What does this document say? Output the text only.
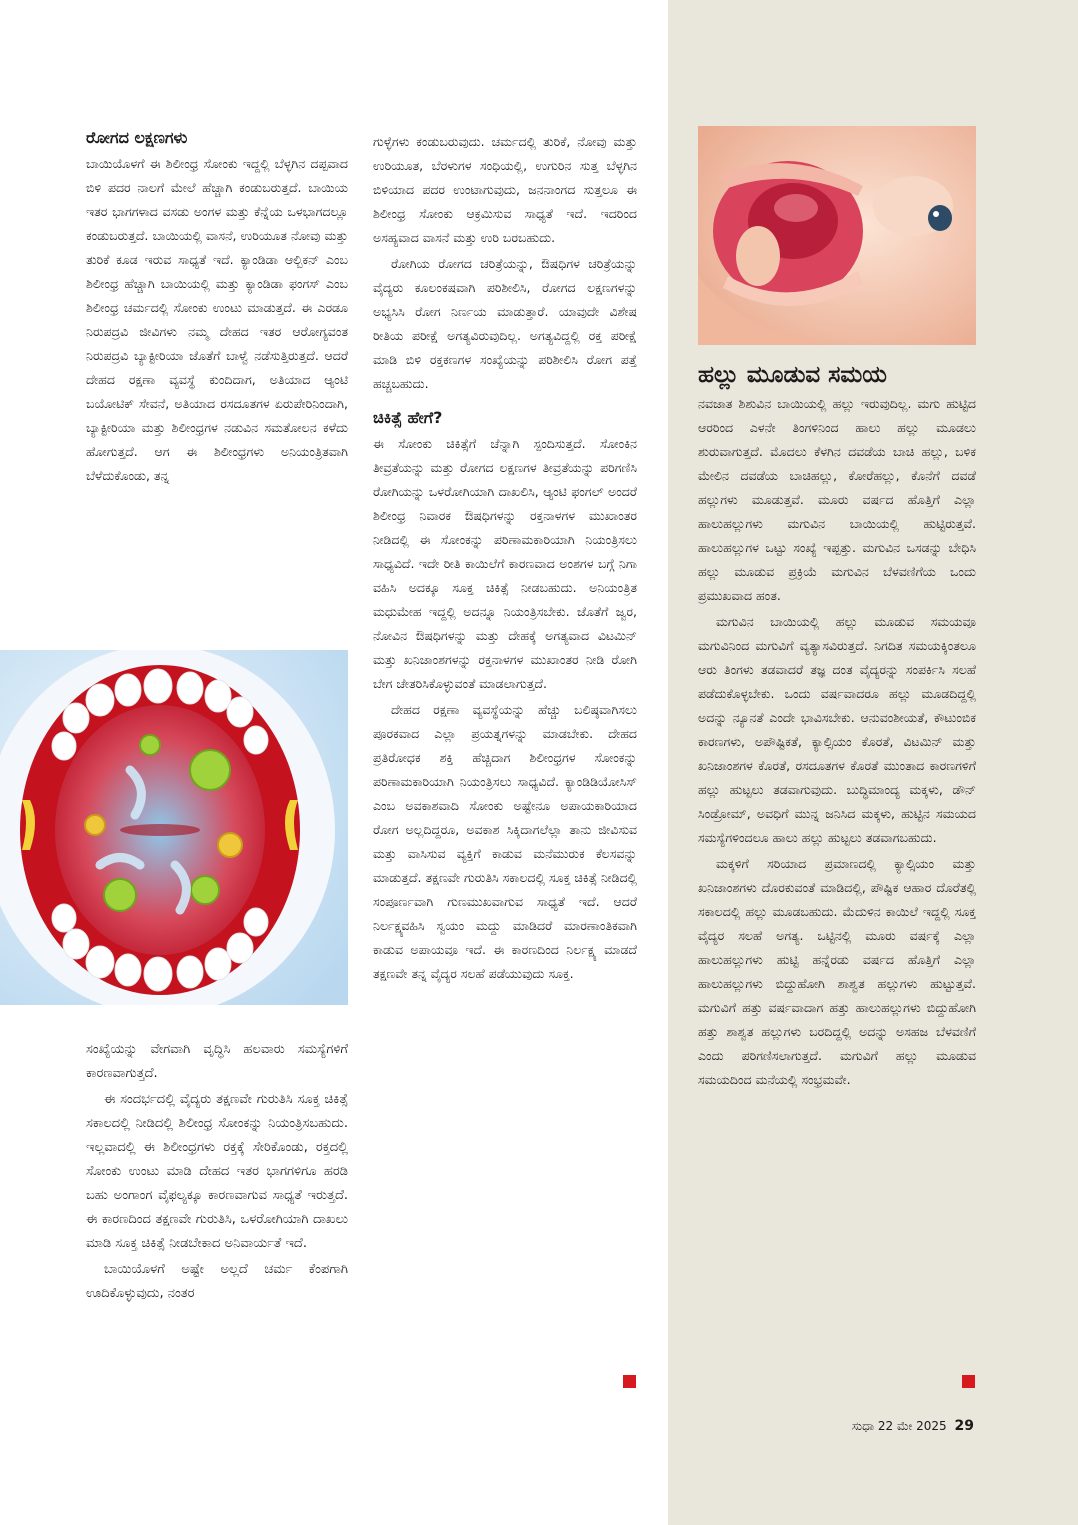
ರೋಗದ ಲಕ್ಷಣಗಳು

ಬಾಯಿಯೊಳಗೆ ಈ ಶಿಲೀಂಧ್ರ ಸೋಂಕು ಇದ್ದಲ್ಲಿ ಬೆಳ್ಳಗಿನ ದಪ್ಪವಾದ ಬಿಳಿ ಪದರ ನಾಲಗೆ ಮೇಲೆ ಹೆಚ್ಚಾಗಿ ಕಂಡುಬರುತ್ತದೆ. ಬಾಯಿಯ ಇತರ ಭಾಗಗಳಾದ ವಸಡು ಅಂಗಳ ಮತ್ತು ಕೆನ್ನೆಯ ಒಳಭಾಗದಲ್ಲೂ ಕಂಡುಬರುತ್ತದೆ. ಬಾಯಿಯಲ್ಲಿ ವಾಸನೆ, ಉರಿಯೂತ ನೋವು ಮತ್ತು ತುರಿಕೆ ಕೂಡ ಇರುವ ಸಾಧ್ಯತೆ ಇದೆ. ಕ್ಯಾಂಡಿಡಾ ಆಲ್ಬಿಕನ್ ಎಂಬ ಶಿಲೀಂಧ್ರ ಹೆಚ್ಚಾಗಿ ಬಾಯಿಯಲ್ಲಿ ಮತ್ತು ಕ್ಯಾಂಡಿಡಾ ಫಂಗಸ್ ಎಂಬ ಶಿಲೀಂಧ್ರ ಚರ್ಮದಲ್ಲಿ ಸೋಂಕು ಉಂಟು ಮಾಡುತ್ತದೆ. ಈ ಎರಡೂ ನಿರುಪದ್ರವಿ ಜೀವಿಗಳು ನಮ್ಮ ದೇಹದ ಇತರ ಆರೋಗ್ಯವಂತ ನಿರುಪದ್ರವಿ ಬ್ಯಾಕ್ಟೀರಿಯಾ ಜೊತೆಗೆ ಬಾಳ್ವೆ ನಡೆಸುತ್ತಿರುತ್ತದೆ. ಆದರೆ ದೇಹದ ರಕ್ಷಣಾ ವ್ಯವಸ್ಥೆ ಕುಂದಿದಾಗ, ಅತಿಯಾದ ಆ್ಯಂಟಿ ಬಯೋಟಿಕ್ ಸೇವನೆ, ಅತಿಯಾದ ರಸದೂತಗಳ ಏರುಪೇರಿನಿಂದಾಗಿ, ಬ್ಯಾಕ್ಟೀರಿಯಾ ಮತ್ತು ಶಿಲೀಂಧ್ರಗಳ ನಡುವಿನ ಸಮತೋಲನ ಕಳೆದು ಹೋಗುತ್ತದೆ. ಆಗ ಈ ಶಿಲೀಂಧ್ರಗಳು ಅನಿಯಂತ್ರಿತವಾಗಿ ಬೆಳೆದುಕೊಂಡು, ತನ್ನ

ಸಂಖ್ಯೆಯನ್ನು ವೇಗವಾಗಿ ವೃದ್ಧಿಸಿ ಹಲವಾರು ಸಮಸ್ಯೆಗಳಿಗೆ ಕಾರಣವಾಗುತ್ತದೆ.

ಈ ಸಂದರ್ಭದಲ್ಲಿ ವೈದ್ಯರು ತಕ್ಷಣವೇ ಗುರುತಿಸಿ ಸೂಕ್ತ ಚಿಕಿತ್ಸೆ ಸಕಾಲದಲ್ಲಿ ನೀಡಿದಲ್ಲಿ ಶಿಲೀಂಧ್ರ ಸೋಂಕನ್ನು ನಿಯಂತ್ರಿಸಬಹುದು. ಇಲ್ಲವಾದಲ್ಲಿ ಈ ಶಿಲೀಂಧ್ರಗಳು ರಕ್ತಕ್ಕೆ ಸೇರಿಕೊಂಡು, ರಕ್ತದಲ್ಲಿ ಸೋಂಕು ಉಂಟು ಮಾಡಿ ದೇಹದ ಇತರ ಭಾಗಗಳಿಗೂ ಹರಡಿ ಬಹು ಅಂಗಾಂಗ ವೈಫಲ್ಯಕ್ಕೂ ಕಾರಣವಾಗುವ ಸಾಧ್ಯತೆ ಇರುತ್ತದೆ. ಈ ಕಾರಣದಿಂದ ತಕ್ಷಣವೇ ಗುರುತಿಸಿ, ಒಳರೋಗಿಯಾಗಿ ದಾಖಲು ಮಾಡಿ ಸೂಕ್ತ ಚಿಕಿತ್ಸೆ ನೀಡಬೇಕಾದ ಅನಿವಾರ್ಯತೆ ಇದೆ.

ಬಾಯಿಯೊಳಗೆ ಅಷ್ಟೇ ಅಲ್ಲದೆ ಚರ್ಮ ಕೆಂಪಗಾಗಿ ಊದಿಕೊಳ್ಳುವುದು, ನಂತರ

ಗುಳ್ಳೆಗಳು ಕಂಡುಬರುವುದು. ಚರ್ಮದಲ್ಲಿ ತುರಿಕೆ, ನೋವು ಮತ್ತು ಉರಿಯೂತ, ಬೆರಳುಗಳ ಸಂಧಿಯಲ್ಲಿ, ಉಗುರಿನ ಸುತ್ತ ಬೆಳ್ಳಗಿನ ಬಿಳಿಯಾದ ಪದರ ಉಂಟಾಗುವುದು, ಜನನಾಂಗದ ಸುತ್ತಲೂ ಈ ಶಿಲೀಂಧ್ರ ಸೋಂಕು ಆಕ್ರಮಿಸುವ ಸಾಧ್ಯತೆ ಇದೆ. ಇದರಿಂದ ಅಸಹ್ಯವಾದ ವಾಸನೆ ಮತ್ತು ಉರಿ ಬರಬಹುದು.

ರೋಗಿಯ ರೋಗದ ಚರಿತ್ರೆಯನ್ನು, ಔಷಧಿಗಳ ಚರಿತ್ರೆಯನ್ನು ವೈದ್ಯರು ಕೂಲಂಕಷವಾಗಿ ಪರಿಶೀಲಿಸಿ, ರೋಗದ ಲಕ್ಷಣಗಳನ್ನು ಅಭ್ಯಸಿಸಿ ರೋಗ ನಿರ್ಣಯ ಮಾಡುತ್ತಾರೆ. ಯಾವುದೇ ವಿಶೇಷ ರೀತಿಯ ಪರೀಕ್ಷೆ ಅಗತ್ಯವಿರುವುದಿಲ್ಲ. ಅಗತ್ಯವಿದ್ದಲ್ಲಿ ರಕ್ತ ಪರೀಕ್ಷೆ ಮಾಡಿ ಬಿಳಿ ರಕ್ತಕಣಗಳ ಸಂಖ್ಯೆಯನ್ನು ಪರಿಶೀಲಿಸಿ ರೋಗ ಪತ್ತೆ ಹಚ್ಚಬಹುದು.

ಚಿಕಿತ್ಸೆ ಹೇಗೆ?

ಈ ಸೋಂಕು ಚಿಕಿತ್ಸೆಗೆ ಚೆನ್ನಾಗಿ ಸ್ಪಂದಿಸುತ್ತದೆ. ಸೋಂಕಿನ ತೀವ್ರತೆಯನ್ನು ಮತ್ತು ರೋಗದ ಲಕ್ಷಣಗಳ ತೀವ್ರತೆಯನ್ನು ಪರಿಗಣಿಸಿ ರೋಗಿಯನ್ನು ಒಳರೋಗಿಯಾಗಿ ದಾಖಲಿಸಿ, ಆ್ಯಂಟಿ ಫಂಗಲ್ ಅಂದರೆ ಶಿಲೀಂಧ್ರ ನಿವಾರಕ ಔಷಧಿಗಳನ್ನು ರಕ್ತನಾಳಗಳ ಮುಖಾಂತರ ನೀಡಿದಲ್ಲಿ ಈ ಸೋಂಕನ್ನು ಪರಿಣಾಮಕಾರಿಯಾಗಿ ನಿಯಂತ್ರಿಸಲು ಸಾಧ್ಯವಿದೆ. ಇದೇ ರೀತಿ ಕಾಯಿಲೆಗೆ ಕಾರಣವಾದ ಅಂಶಗಳ ಬಗ್ಗೆ ನಿಗಾ ವಹಿಸಿ ಅದಕ್ಕೂ ಸೂಕ್ತ ಚಿಕಿತ್ಸೆ ನೀಡಬಹುದು. ಅನಿಯಂತ್ರಿತ ಮಧುಮೇಹ ಇದ್ದಲ್ಲಿ ಅದನ್ನೂ ನಿಯಂತ್ರಿಸಬೇಕು. ಜೊತೆಗೆ ಜ್ವರ, ನೋವಿನ ಔಷಧಿಗಳನ್ನು ಮತ್ತು ದೇಹಕ್ಕೆ ಅಗತ್ಯವಾದ ವಿಟಮಿನ್ ಮತ್ತು ಖನಿಜಾಂಶಗಳನ್ನು ರಕ್ತನಾಳಗಳ ಮುಖಾಂತರ ನೀಡಿ ರೋಗಿ ಬೇಗ ಚೇತರಿಸಿಕೊಳ್ಳುವಂತೆ ಮಾಡಲಾಗುತ್ತದೆ.

ದೇಹದ ರಕ್ಷಣಾ ವ್ಯವಸ್ಥೆಯನ್ನು ಹೆಚ್ಚು ಬಲಿಷ್ಠವಾಗಿಸಲು ಪೂರಕವಾದ ಎಲ್ಲಾ ಪ್ರಯತ್ನಗಳನ್ನು ಮಾಡಬೇಕು. ದೇಹದ ಪ್ರತಿರೋಧಕ ಶಕ್ತಿ ಹೆಚ್ಚಿದಾಗ ಶಿಲೀಂಧ್ರಗಳ ಸೋಂಕನ್ನು ಪರಿಣಾಮಕಾರಿಯಾಗಿ ನಿಯಂತ್ರಿಸಲು ಸಾಧ್ಯವಿದೆ. ಕ್ಯಾಂಡಿಡಿಯೋಸಿಸ್ ಎಂಬ ಅವಕಾಶವಾದಿ ಸೋಂಕು ಅಷ್ಟೇನೂ ಅಪಾಯಕಾರಿಯಾದ ರೋಗ ಅಲ್ಲದಿದ್ದರೂ, ಅವಕಾಶ ಸಿಕ್ಕಿದಾಗಲೆಲ್ಲಾ ತಾನು ಜೀವಿಸುವ ಮತ್ತು ವಾಸಿಸುವ ವ್ಯಕ್ತಿಗೆ ಕಾಡುವ ಮನೆಮುರುಕ ಕೆಲಸವನ್ನು ಮಾಡುತ್ತದೆ. ತಕ್ಷಣವೇ ಗುರುತಿಸಿ ಸಕಾಲದಲ್ಲಿ ಸೂಕ್ತ ಚಿಕಿತ್ಸೆ ನೀಡಿದಲ್ಲಿ ಸಂಪೂರ್ಣವಾಗಿ ಗುಣಮುಖವಾಗುವ ಸಾಧ್ಯತೆ ಇದೆ. ಆದರೆ ನಿರ್ಲಕ್ಷ್ಯವಹಿಸಿ ಸ್ವಯಂ ಮದ್ದು ಮಾಡಿದರೆ ಮಾರಣಾಂತಿಕವಾಗಿ ಕಾಡುವ ಅಪಾಯವೂ ಇದೆ. ಈ ಕಾರಣದಿಂದ ನಿರ್ಲಕ್ಷ್ಯ ಮಾಡದೆ ತಕ್ಷಣವೇ ತನ್ನ ವೈದ್ಯರ ಸಲಹೆ ಪಡೆಯುವುದು ಸೂಕ್ತ.

ಹಲ್ಲು ಮೂಡುವ ಸಮಯ

ನವಜಾತ ಶಿಶುವಿನ ಬಾಯಿಯಲ್ಲಿ ಹಲ್ಲು ಇರುವುದಿಲ್ಲ. ಮಗು ಹುಟ್ಟಿದ ಆರರಿಂದ ಎಳನೇ ತಿಂಗಳಿನಿಂದ ಹಾಲು ಹಲ್ಲು ಮೂಡಲು ಶುರುವಾಗುತ್ತದೆ. ಮೊದಲು ಕೆಳಗಿನ ದವಡೆಯ ಬಾಚಿ ಹಲ್ಲು, ಬಳಿಕ ಮೇಲಿನ ದವಡೆಯ ಬಾಚಿಹಲ್ಲು, ಕೋರೆಹಲ್ಲು, ಕೊನೆಗೆ ದವಡೆ ಹಲ್ಲುಗಳು ಮೂಡುತ್ತವೆ. ಮೂರು ವರ್ಷದ ಹೊತ್ತಿಗೆ ಎಲ್ಲಾ ಹಾಲುಹಲ್ಲುಗಳು ಮಗುವಿನ ಬಾಯಿಯಲ್ಲಿ ಹುಟ್ಟಿರುತ್ತವೆ. ಹಾಲುಹಲ್ಲುಗಳ ಒಟ್ಟು ಸಂಖ್ಯೆ ಇಪ್ಪತ್ತು. ಮಗುವಿನ ಒಸಡನ್ನು ಬೇಧಿಸಿ ಹಲ್ಲು ಮೂಡುವ ಪ್ರಕ್ರಿಯೆ ಮಗುವಿನ ಬೆಳವಣಿಗೆಯ ಒಂದು ಪ್ರಮುಖವಾದ ಹಂತ.

ಮಗುವಿನ ಬಾಯಿಯಲ್ಲಿ ಹಲ್ಲು ಮೂಡುವ ಸಮಯವೂ ಮಗುವಿನಿಂದ ಮಗುವಿಗೆ ವ್ಯತ್ಯಾಸವಿರುತ್ತದೆ. ನಿಗದಿತ ಸಮಯಕ್ಕಿಂತಲೂ ಆರು ತಿಂಗಳು ತಡವಾದರೆ ತಜ್ಞ ದಂತ ವೈದ್ಯರನ್ನು ಸಂಪರ್ಕಿಸಿ ಸಲಹೆ ಪಡೆದುಕೊಳ್ಳಬೇಕು. ಒಂದು ವರ್ಷವಾದರೂ ಹಲ್ಲು ಮೂಡದಿದ್ದಲ್ಲಿ ಅದನ್ನು ನ್ಯೂನತೆ ಎಂದೇ ಭಾವಿಸಬೇಕು. ಆನುವಂಶೀಯತೆ, ಕೌಟುಂಬಿಕ ಕಾರಣಗಳು, ಅಪೌಷ್ಟಿಕತೆ, ಕ್ಯಾಲ್ಸಿಯಂ ಕೊರತೆ, ವಿಟಮಿನ್ ಮತ್ತು ಖನಿಜಾಂಶಗಳ ಕೊರತೆ, ರಸದೂತಗಳ ಕೊರತೆ ಮುಂತಾದ ಕಾರಣಗಳಿಗೆ ಹಲ್ಲು ಹುಟ್ಟಲು ತಡವಾಗುವುದು. ಬುದ್ಧಿಮಾಂದ್ಯ ಮಕ್ಕಳು, ಡೌನ್ ಸಿಂಡ್ರೋಮ್, ಅವಧಿಗೆ ಮುನ್ನ ಜನಿಸಿದ ಮಕ್ಕಳು, ಹುಟ್ಟಿನ ಸಮಯದ ಸಮಸ್ಯೆಗಳಿಂದಲೂ ಹಾಲು ಹಲ್ಲು ಹುಟ್ಟಲು ತಡವಾಗಬಹುದು.

ಮಕ್ಕಳಿಗೆ ಸರಿಯಾದ ಪ್ರಮಾಣದಲ್ಲಿ ಕ್ಯಾಲ್ಸಿಯಂ ಮತ್ತು ಖನಿಜಾಂಶಗಳು ದೊರಕುವಂತೆ ಮಾಡಿದಲ್ಲಿ, ಪೌಷ್ಟಿಕ ಆಹಾರ ದೊರೆತಲ್ಲಿ ಸಕಾಲದಲ್ಲಿ ಹಲ್ಲು ಮೂಡಬಹುದು. ಮೆದುಳಿನ ಕಾಯಿಲೆ ಇದ್ದಲ್ಲಿ ಸೂಕ್ತ ವೈದ್ಯರ ಸಲಹೆ ಅಗತ್ಯ. ಒಟ್ಟಿನಲ್ಲಿ ಮೂರು ವರ್ಷಕ್ಕೆ ಎಲ್ಲಾ ಹಾಲುಹಲ್ಲುಗಳು ಹುಟ್ಟಿ ಹನ್ನೆರಡು ವರ್ಷದ ಹೊತ್ತಿಗೆ ಎಲ್ಲಾ ಹಾಲುಹಲ್ಲುಗಳು ಬಿದ್ದುಹೋಗಿ ಶಾಶ್ವತ ಹಲ್ಲುಗಳು ಹುಟ್ಟುತ್ತವೆ. ಮಗುವಿಗೆ ಹತ್ತು ವರ್ಷವಾದಾಗ ಹತ್ತು ಹಾಲುಹಲ್ಲುಗಳು ಬಿದ್ದುಹೋಗಿ ಹತ್ತು ಶಾಶ್ವತ ಹಲ್ಲುಗಳು ಬರದಿದ್ದಲ್ಲಿ ಅದನ್ನು ಅಸಹಜ ಬೆಳವಣಿಗೆ ಎಂದು ಪರಿಗಣಿಸಲಾಗುತ್ತದೆ. ಮಗುವಿಗೆ ಹಲ್ಲು ಮೂಡುವ ಸಮಯದಿಂದ ಮನೆಯಲ್ಲಿ ಸಂಭ್ರಮವೇ.

ಸುಧಾ 22 ಮೇ 2025 29
